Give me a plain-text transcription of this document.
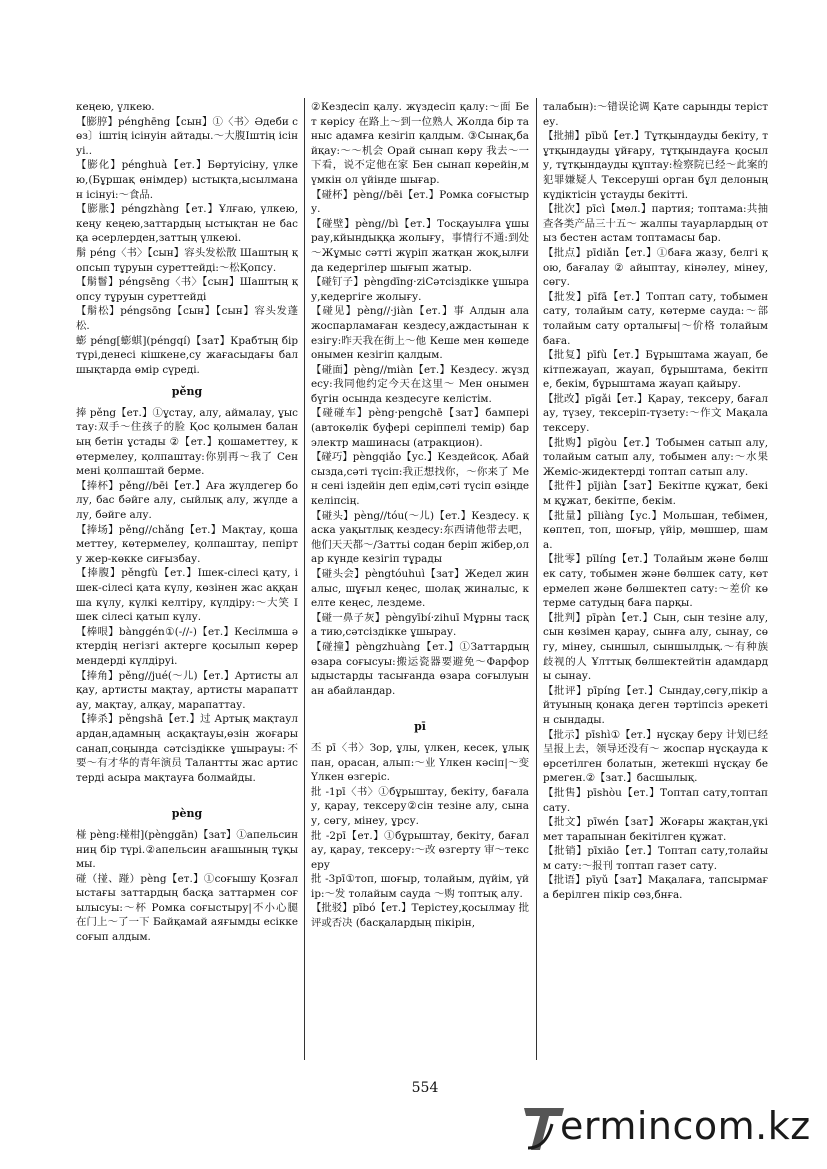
кеңею, үлкею.
【膨脝】pénghēng【сын】①〈书〉Әдеби сөз〕іштің ісінуін айтады.～大腹Іштің ісінуі..
【膨化】pénghuà【ет.】Бөртуісіну, үлкею,(Бұршақ өнімдер) ыстықта,ысылманан ісінуі:～食品.
【膨胀】péngzhàng【ет.】Ұлғаю, үлкею, кеңу кеңею,заттардың ыстықтан не басқа әсерлерден,заттың үлкеюі.
鬅 péng〈书〉【сын】容头发松散 Шаштың қопсып тұруын суреттейді:～松Қопсу.
【鬅鬙】péngsēng〈书〉【сын】Шаштың қопсу тұруын суреттейді
【鬅松】péngsōng【сын】【сын】容头发蓬松.
蟛 péng[蟛蜞](péngqí)【зат】Крабтың бір түрі,денесі кішкене,су жағасыдағы балшықтарда өмір сүреді.
pěng
捧 pěng【ет.】①ұстау, алу, аймалау, ұыстау:双手～住孩子的脸 Қос қолымен баланың бетін ұстады ②【ет.】қошаметтеу, көтермелеу, қолпаштау:你别再～我了 Сен мені қолпаштай берме.
【捧杯】pěng//bēi【ет.】Аға жүлдегер болу, бас бәйге алу, сыйлық алу, жүлде алу, бәйге алу.
【捧场】pěng//chǎng【ет.】Мақтау, қошаметтеу, көтермелеу, қолпаштау, пепірту жер-көкке сиғызбау.
【捧腹】pěngfù【ет.】Ішек-сілесі қату, ішек-сілесі қата күлу, көзінен жас аққанша күлу, күлкі келтіру, күлдіру:～大笑 Ішек сілесі қатып күлу.
【棒哏】bànggén①(-//-)【ет.】Кесілмша әктердің негізгі актерге қосылып көрермендерді күлдіруі.
【捧角】pěng//jué(～儿)【ет.】Артисты алқау, артисты мақтау, артисты марапаттау, мақтау, алқау, марапаттау.
【捧杀】pěngshā【ет.】过 Артық мақтаулардан,адамның асқақтауы,өзін жоғары санап,соңында сәтсіздікке ұшырауы:不要～有才华的青年演员 Талантты жас артистерді асыра мақтауға болмайды.
pèng
椪 pèng:椪柑](pènggān)【зат】①апельсинниң бір түрі.②апельсин ағашының тұқымы.
碰（掽、踫）pèng【ет.】①соғышу Қозғалыстағы заттардың басқа заттармен соғылысуы:～杯 Ромка соғыстыру|不小心腿在门上～了一下 Байқамай аяғымды есікке соғып алдым.
②Кездесіп қалу. жүздесіп қалу:～面 Бет көрісу 在路上～到一位熟人 Жолда бір таныс адамға кезігіп қалдым. ③Сынақ,байқау:～～机会 Орай сынап көру 我去～一下看，说不定他在家 Бен сынап көрейін,мүмкін ол үйінде шығар.
【碰杯】pèng//bēi【ет.】Ромка соғыстыру.
【碰壁】pèng//bì【ет.】Тосқауылға ұшырау,кйындыққа жолығу，事情行不通:到处～Жұмыс сәтті жүріп жатқан жоқ,ылғида кедергілер шығып жатыр.
【碰钉子】pèngdīng·ziСәтсіздікке ұшырау,кедергіге жолығу.
【碰见】pèng//·jiàn【ет.】事 Алдын ала жоспарламаған кездесу,аждастынан кезігу:昨天我在街上～他 Кеше мен көшеде онымен кезігіп қалдым.
【碰面】pèng//miàn【ет.】Кездесу. жүздесу:我同他约定今天在这里～ Мен онымен бүгін осында кездесуге келістім.
【碰碰车】pèng·pengchē【зат】бампері (автокөлік буфері серіппелі темір) бар электр машинасы (атракцион).
【碰巧】pèngqiǎo【ус.】Кездейсоқ. Абайсызда,сәті түсіп:我正想找你，～你来了 Мен сені іздейін деп едім,сәті түсіп өзіңде келіпсің.
【碰头】pèng//tóu(～儿)【ет.】Кездесу. қаска уақытлық кездесу:东西请他带去吧，他们天天都～/Заттьі содан беріп жібер,олар күнде кезігіп тұрады
【碰头会】pèngtóuhuì【зат】Жедел жиналыс, шұғыл кеңес, шолақ жиналыс, келте кеңес, лездеме.
【碰一鼻子灰】pèngyībí·zihuī Мұрны тасқа тию,сәтсіздікке ұшырау.
【碰撞】pèngzhuàng【ет.】①Заттардың өзара соғысуы:搬运瓷器要避免～Фарфор ыдыстарды тасығанда өзара соғылуынан абайландар.
pī
丕 pī〈书〉Зор, ұлы, үлкен, кесек, ұлықпан, орасан, алып:～业 Үлкен кәсіп|～变 Үлкен өзгеріс.
批 -1pī〈书〉①бұрыштау, бекіту, бағалау, қарау, тексеру②сін тезіне алу, сынау, сөгу, мінеу, ұрсу.
批 -2pī【ет.】①бұрыштау, бекіту, бағалау, қарау, тексеру:～改 өзгерту 审～тексеру
批 -3pī①топ, шоғыр, толайым, дүйім, үйір:～发 толайым сауда ～购 топтық алу.
【批驳】pībó【ет.】Терістеу,қосылмау 批评或否决 (басқалардың пікірін,
талабын):～错误论调 Қате сарынды терістеу.
【批捕】pībǔ【ет.】Тұтқындауды бекіту, тұтқындауды ұйғару, тұтқындауға қосылу, тұтқындауды құптау:检察院已经～此案的犯罪嫌疑人 Тексеруші орган бұл делоның күдіктісін ұстауды бекітті.
【批次】pīcì【мөл.】партия; топтама:共抽查各类产品三十五～ жалпы тауарлардың отыз бестен астам топтамасы бар.
【批点】pīdiǎn【ет.】①баға жазу, белгі қою, бағалау ② айыптау, кінәлеу, мінеу, сөгу.
【批发】pīfā【ет.】Топтап сату, тобымен сату, толайым сату, көтерме сауда:～部 толайым сату орталығы|～价格 толайым баға.
【批复】pīfù【ет.】Бұрыштама жауап, бекітпежауап, жауап, бұрыштама, бекітпе, бекім, бұрыштама жауап қайыру.
【批改】pīgǎi【ет.】Қарау, тексеру, бағалау, түзеу, тексеріп-түзету:～作文 Мақала тексеру.
【批购】pīgòu【ет.】Тобымен сатып алу, толайым сатып алу, тобымен алу:～水果 Жеміс-жидектерді топтап сатып алу.
【批件】pījiàn【зат】Бекітпе құжат, бекім құжат, бекітпе, бекім.
【批量】pīliàng【ус.】Мольшан, тебімен, көптеп, топ, шоғыр, үйір, мөшшер, шама.
【批零】pīlíng【ет.】Толайым және бөлшек сату, тобымен және бөлшек сату, көтермелеп және бөлшектеп сату:～差价 көтерме сатудың баға парқы.
【批判】pīpàn【ет.】Сын, сын тезіне алу, сын көзімен қарау, сынға алу, сынау, сөгу, мінеу, сыншыл, сыншылдық.～有种族歧视的人 Ұлттық бөлшектейтін адамдарды сынау.
【批评】pīpíng【ет.】Сындау,сөгу,пікір айтуының қонақа деген тәртіпсіз әрекетін сындады.
【批示】pīshì①【ет.】нұсқау беру 计划已经呈报上去，领导还没有～ жоспар нұсқауда көрсетілген болатын, жетекші нұсқау бермеген.②【зат.】басшылық.
【批售】pīshòu【ет.】Топтап сату,топтап сату.
【批文】pīwén【зат】Жоғары жақтан,үкімет тарапынан бекітілген құжат.
【批销】pīxiāo【ет.】Топтап сату,толайым сату:～报刊 топтап газет сату.
【批语】pīyǔ【зат】Мақалаға, тапсырмаға берілген пікір сөз,бнға.
554
ermincom.kz
